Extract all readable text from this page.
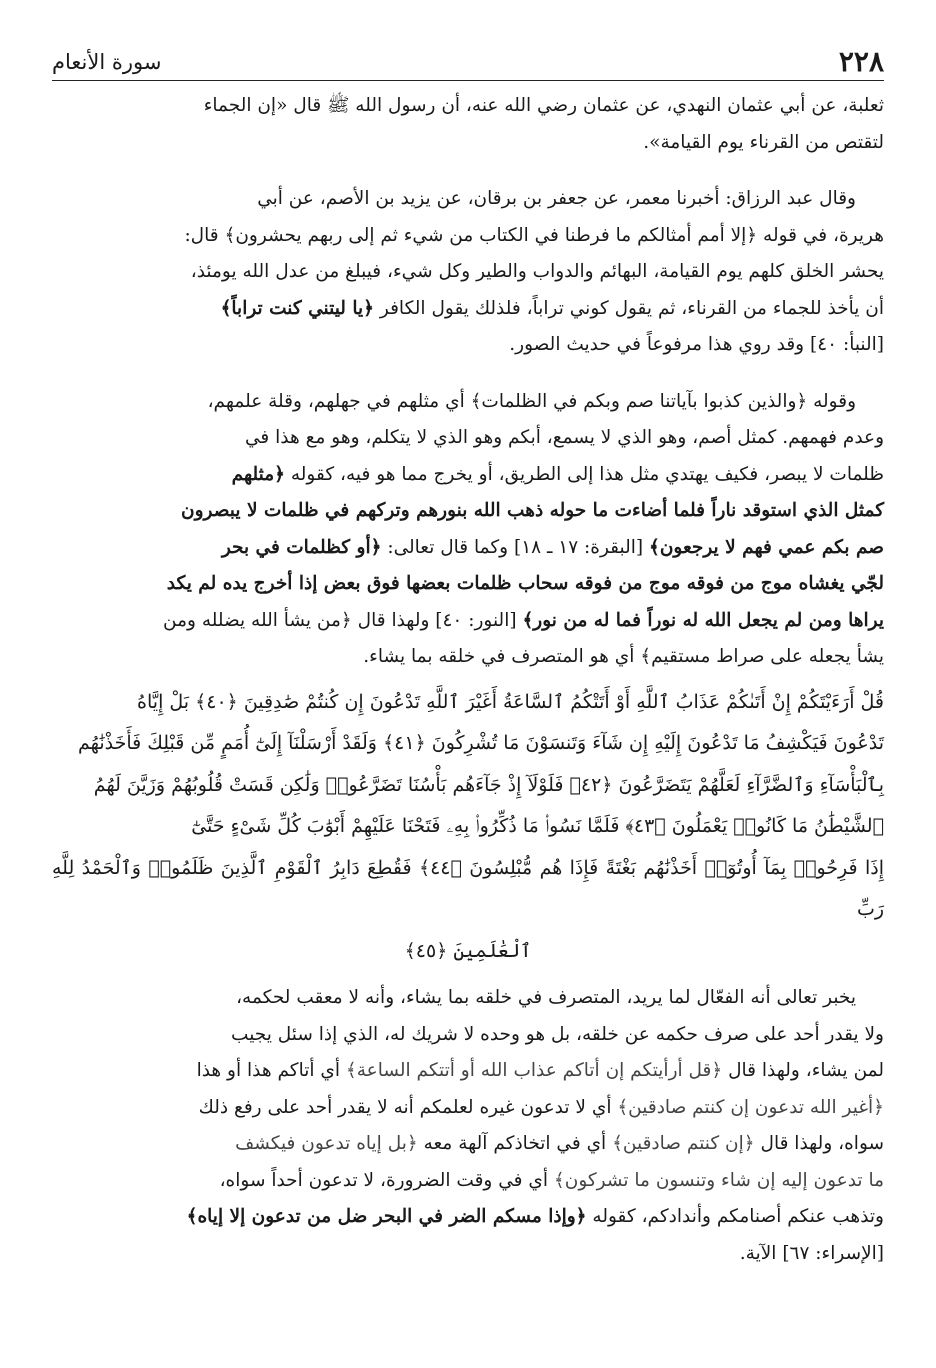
سورة الأنعام	٢٢٨

ثعلبة، عن أبي عثمان النهدي، عن عثمان رضي الله عنه، أن رسول الله ﷺ قال «إن الجماء
لتقتص من القرناء يوم القيامة».

وقال عبد الرزاق: أخبرنا معمر، عن جعفر بن برقان، عن يزيد بن الأصم، عن أبي
هريرة، في قوله ﴿إلا أمم أمثالكم ما فرطنا في الكتاب من شيء ثم إلى ربهم يحشرون﴾ قال:
يحشر الخلق كلهم يوم القيامة، البهائم والدواب والطير وكل شيء، فيبلغ من عدل الله يومئذ،
أن يأخذ للجماء من القرناء، ثم يقول كوني تراباً، فلذلك يقول الكافر ﴿يا ليتني كنت تراباً﴾
[النبأ: ٤٠] وقد روي هذا مرفوعاً في حديث الصور.

وقوله ﴿والذين كذبوا بآياتنا صم وبكم في الظلمات﴾ أي مثلهم في جهلهم، وقلة علمهم،
وعدم فهمهم. كمثل أصم، وهو الذي لا يسمع، أبكم وهو الذي لا يتكلم، وهو مع هذا في
ظلمات لا يبصر، فكيف يهتدي مثل هذا إلى الطريق، أو يخرج مما هو فيه، كقوله ﴿مثلهم
كمثل الذي استوقد ناراً فلما أضاءت ما حوله ذهب الله بنورهم وتركهم في ظلمات لا يبصرون
صم بكم عمي فهم لا يرجعون﴾ [البقرة: ١٧ ـ ١٨] وكما قال تعالى: ﴿أو كظلمات في بحر
لجّي يغشاه موج من فوقه موج من فوقه سحاب ظلمات بعضها فوق بعض إذا أخرج يده لم يكد
يراها ومن لم يجعل الله له نوراً فما له من نور﴾ [النور: ٤٠] ولهذا قال ﴿من يشأ الله يضلله ومن
يشأ يجعله على صراط مستقيم﴾ أي هو المتصرف في خلقه بما يشاء.

قُلْ أَرَءَيْتَكُمْ إِنْ أَتَىٰكُمْ عَذَابُ ٱللَّهِ أَوْ أَتَتْكُمُ ٱلسَّاعَةُ أَغَيْرَ ٱللَّهِ تَدْعُونَ إِن كُنتُمْ صَٰدِقِينَ ﴿٤٠﴾ بَلْ إِيَّاهُ
تَدْعُونَ فَيَكْشِفُ مَا تَدْعُونَ إِلَيْهِ إِن شَآءَ وَتَنسَوْنَ مَا تُشْرِكُونَ ﴿٤١﴾ وَلَقَدْ أَرْسَلْنَآ إِلَىٰٓ أُمَمٍ مِّن قَبْلِكَ فَأَخَذْنَٰهُم
بِٱلْبَأْسَآءِ وَٱلضَّرَّآءِ لَعَلَّهُمْ يَتَضَرَّعُونَ ﴿٤٢﴾ فَلَوْلَآ إِذْ جَآءَهُم بَأْسُنَا تَضَرَّعُوا۟ وَلَٰكِن قَسَتْ قُلُوبُهُمْ وَزَيَّنَ لَهُمُ
ٱلشَّيْطَٰنُ مَا كَانُوا۟ يَعْمَلُونَ ﴿٤٣﴾ فَلَمَّا نَسُوا۟ مَا ذُكِّرُوا۟ بِهِۦ فَتَحْنَا عَلَيْهِمْ أَبْوَٰبَ كُلِّ شَىْءٍ حَتَّىٰٓ
إِذَا فَرِحُوا۟ بِمَآ أُوتُوٓا۟ أَخَذْنَٰهُم بَغْتَةً فَإِذَا هُم مُّبْلِسُونَ ﴿٤٤﴾ فَقُطِعَ دَابِرُ ٱلْقَوْمِ ٱلَّذِينَ ظَلَمُوا۟ وَٱلْحَمْدُ لِلَّهِ رَبِّ
ٱلْعَٰلَمِينَ ﴿٤٥﴾

يخبر تعالى أنه الفعّال لما يريد، المتصرف في خلقه بما يشاء، وأنه لا معقب لحكمه،
ولا يقدر أحد على صرف حكمه عن خلقه، بل هو وحده لا شريك له، الذي إذا سئل يجيب
لمن يشاء، ولهذا قال ﴿قل أرأيتكم إن أتاكم عذاب الله أو أتتكم الساعة﴾ أي أتاكم هذا أو هذا
﴿أغير الله تدعون إن كنتم صادقين﴾ أي لا تدعون غيره لعلمكم أنه لا يقدر أحد على رفع ذلك
سواه، ولهذا قال ﴿إن كنتم صادقين﴾ أي في اتخاذكم آلهة معه ﴿بل إياه تدعون فيكشف
ما تدعون إليه إن شاء وتنسون ما تشركون﴾ أي في وقت الضرورة، لا تدعون أحداً سواه،
وتذهب عنكم أصنامكم وأندادكم، كقوله ﴿وإذا مسكم الضر في البحر ضل من تدعون إلا إياه﴾
[الإسراء: ٦٧] الآية.
